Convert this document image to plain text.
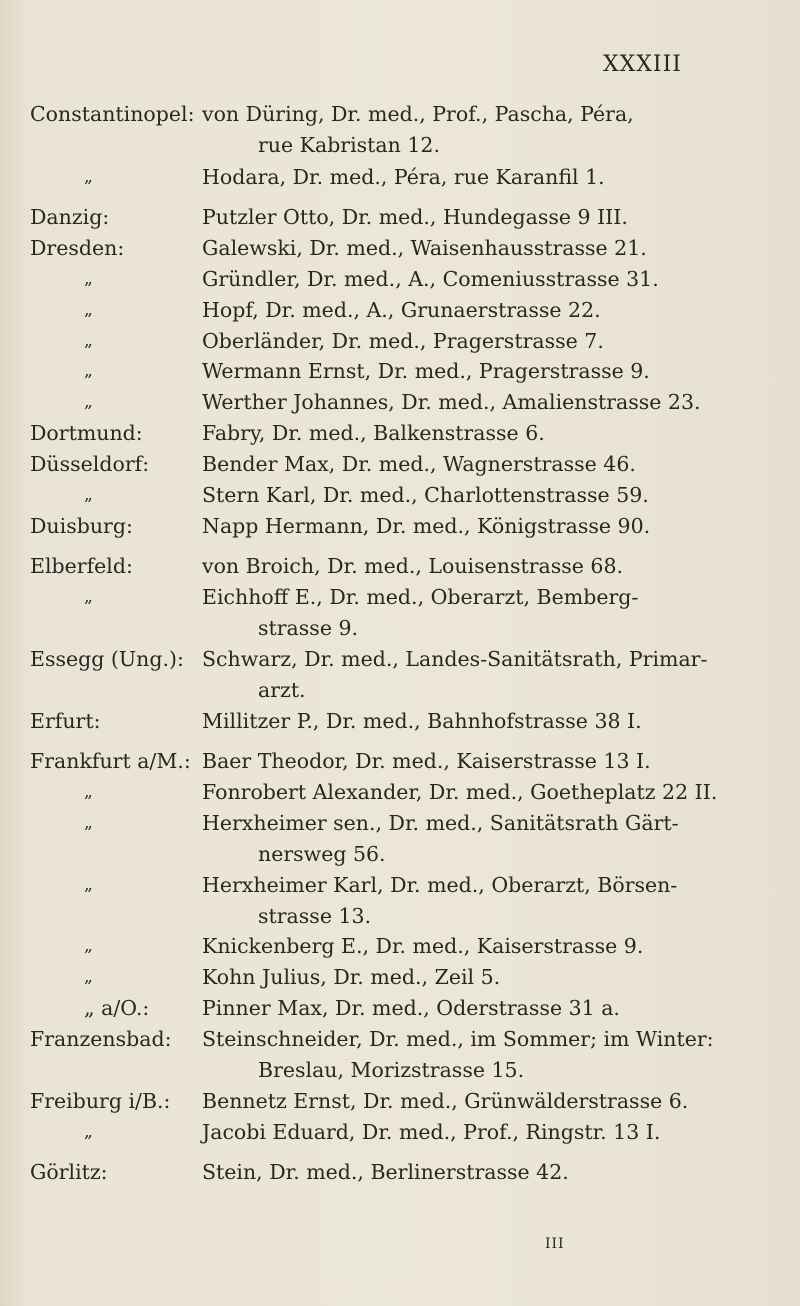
XXXIII
Constantinopel: von Düring, Dr. med., Prof., Pascha, Péra,
rue Kabristan 12.
„	Hodara, Dr. med., Péra, rue Karanfil 1.
Danzig:	Putzler Otto, Dr. med., Hundegasse 9 III.
Dresden:	Galewski, Dr. med., Waisenhausstrasse 21.
„	Gründler, Dr. med., A., Comeniusstrasse 31.
„	Hopf, Dr. med., A., Grunaerstrasse 22.
„	Oberländer, Dr. med., Pragerstrasse 7.
„	Wermann Ernst, Dr. med., Pragerstrasse 9.
„	Werther Johannes, Dr. med., Amalienstrasse 23.
Dortmund:	Fabry, Dr. med., Balkenstrasse 6.
Düsseldorf:	Bender Max, Dr. med., Wagnerstrasse 46.
„	Stern Karl, Dr. med., Charlottenstrasse 59.
Duisburg:	Napp Hermann, Dr. med., Königstrasse 90.
Elberfeld:	von Broich, Dr. med., Louisenstrasse 68.
„	Eichhoff E., Dr. med., Oberarzt, Bemberg-
strasse 9.
Essegg (Ung.): Schwarz, Dr. med., Landes-Sanitätsrath, Primar-
arzt.
Erfurt:	Millitzer P., Dr. med., Bahnhofstrasse 38 I.
Frankfurt a/M.: Baer Theodor, Dr. med., Kaiserstrasse 13 I.
„	Fonrobert Alexander, Dr. med., Goetheplatz 22 II.
„	Herxheimer sen., Dr. med., Sanitätsrath Gärt-
nersweg 56.
„	Herxheimer Karl, Dr. med., Oberarzt, Börsen-
strasse 13.
„	Knickenberg E., Dr. med., Kaiserstrasse 9.
„	Kohn Julius, Dr. med., Zeil 5.
„ a/O.:	Pinner Max, Dr. med., Oderstrasse 31 a.
Franzensbad: Steinschneider, Dr. med., im Sommer; im Winter:
Breslau, Morizstrasse 15.
Freiburg i/B.: Bennetz Ernst, Dr. med., Grünwälderstrasse 6.
„	Jacobi Eduard, Dr. med., Prof., Ringstr. 13 I.
Görlitz:	Stein, Dr. med., Berlinerstrasse 42.
III
